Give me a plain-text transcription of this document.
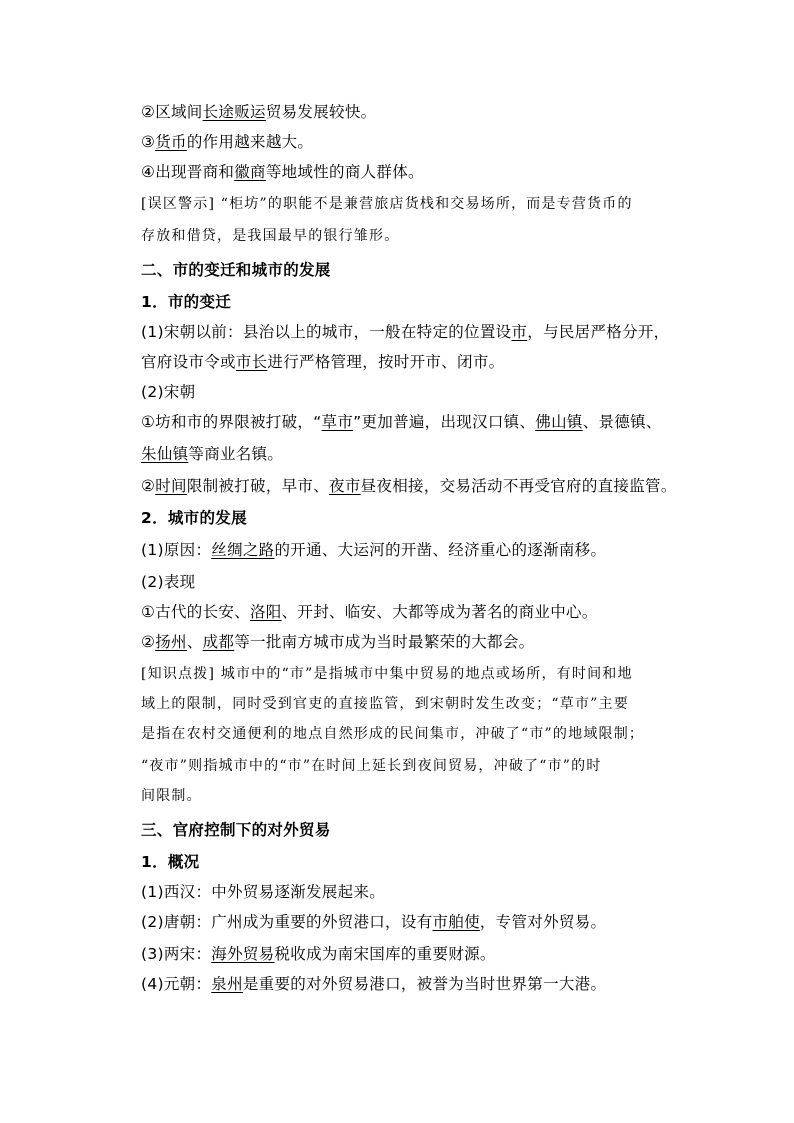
②区域间长途贩运贸易发展较快。
③货币的作用越来越大。
④出现晋商和徽商等地域性的商人群体。
[误区警示] “柜坊”的职能不是兼营旅店货栈和交易场所，而是专营货币的
存放和借贷，是我国最早的银行雏形。
二、市的变迁和城市的发展
1．市的变迁
(1)宋朝以前：县治以上的城市，一般在特定的位置设市，与民居严格分开，
官府设市令或市长进行严格管理，按时开市、闭市。
(2)宋朝
①坊和市的界限被打破，“草市”更加普遍，出现汉口镇、佛山镇、景德镇、
朱仙镇等商业名镇。
②时间限制被打破，早市、夜市昼夜相接，交易活动不再受官府的直接监管。
2．城市的发展
(1)原因：丝绸之路的开通、大运河的开凿、经济重心的逐渐南移。
(2)表现
①古代的长安、洛阳、开封、临安、大都等成为著名的商业中心。
②扬州、成都等一批南方城市成为当时最繁荣的大都会。
[知识点拨] 城市中的“市”是指城市中集中贸易的地点或场所，有时间和地
域上的限制，同时受到官吏的直接监管，到宋朝时发生改变；“草市”主要
是指在农村交通便利的地点自然形成的民间集市，冲破了“市”的地域限制；
“夜市”则指城市中的“市”在时间上延长到夜间贸易，冲破了“市”的时
间限制。
三、官府控制下的对外贸易
1．概况
(1)西汉：中外贸易逐渐发展起来。
(2)唐朝：广州成为重要的外贸港口，设有市舶使，专管对外贸易。
(3)两宋：海外贸易税收成为南宋国库的重要财源。
(4)元朝：泉州是重要的对外贸易港口，被誉为当时世界第一大港。
